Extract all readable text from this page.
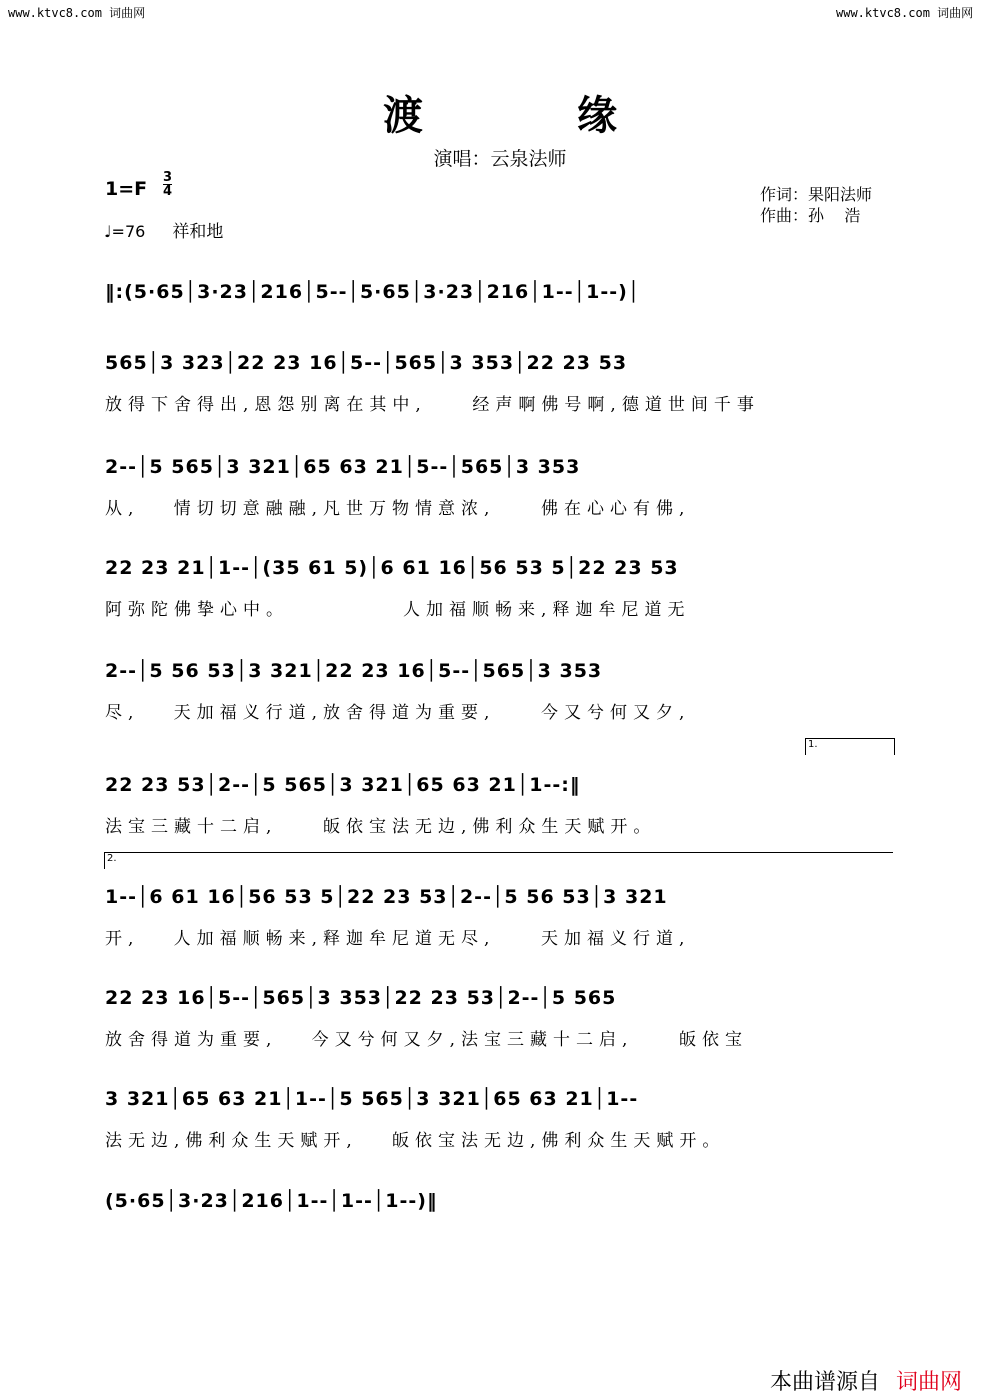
www.ktvc8.com 词曲网	www.ktvc8.com 词曲网
渡 缘
演唱：云泉法师
1=F
3
4
♩=76 祥和地
作词：果阳法师
作曲：孙    浩
‖:(5·65│3·23│216│5--│5·65│3·23│216│1--│1--)│
565│3 323│22 23 16│5--│565│3 353│22 23 53
放得下舍得出,恩怨别离在其中,    经声啊佛号啊,德道世间千事
2--│5 565│3 321│65 63 21│5--│565│3 353
从,   情切切意融融,凡世万物情意浓,    佛在心心有佛,
22 23 21│1--│(35 61 5)│6 61 16│56 53 5│22 23 53
阿弥陀佛挚心中。          人加福顺畅来,释迦牟尼道无
2--│5 56 53│3 321│22 23 16│5--│565│3 353
尽,   天加福义行道,放舍得道为重要,    今又兮何又夕,
1.
22 23 53│2--│5 565│3 321│65 63 21│1--:‖
法宝三藏十二启,    皈依宝法无边,佛利众生天赋开。
2.
1--│6 61 16│56 53 5│22 23 53│2--│5 56 53│3 321
开,   人加福顺畅来,释迦牟尼道无尽,    天加福义行道,
22 23 16│5--│565│3 353│22 23 53│2--│5 565
放舍得道为重要,   今又兮何又夕,法宝三藏十二启,    皈依宝
3 321│65 63 21│1--│5 565│3 321│65 63 21│1--
法无边,佛利众生天赋开,   皈依宝法无边,佛利众生天赋开。
(5·65│3·23│216│1--│1--│1--)‖
本曲谱源自 词曲网
